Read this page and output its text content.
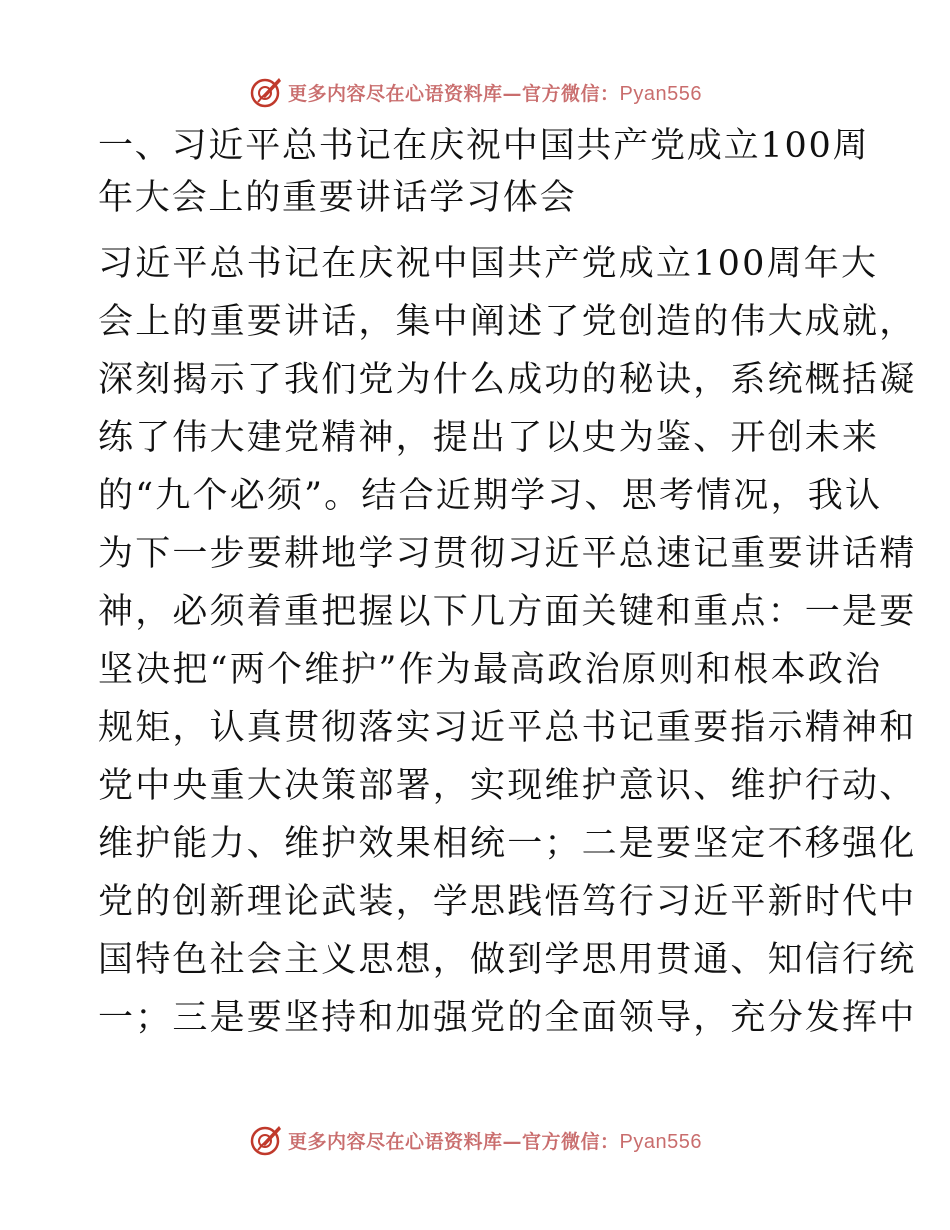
更多内容尽在心语资料库—官方微信：Pyan556
一、习近平总书记在庆祝中国共产党成立100周
年大会上的重要讲话学习体会
习近平总书记在庆祝中国共产党成立100周年大
会上的重要讲话，集中阐述了党创造的伟大成就，
深刻揭示了我们党为什么成功的秘诀，系统概括凝
练了伟大建党精神，提出了以史为鉴、开创未来
的“九个必须”。结合近期学习、思考情况，我认
为下一步要耕地学习贯彻习近平总速记重要讲话精
神，必须着重把握以下几方面关键和重点：一是要
坚决把“两个维护”作为最高政治原则和根本政治
规矩，认真贯彻落实习近平总书记重要指示精神和
党中央重大决策部署，实现维护意识、维护行动、
维护能力、维护效果相统一；二是要坚定不移强化
党的创新理论武装，学思践悟笃行习近平新时代中
国特色社会主义思想，做到学思用贯通、知信行统
一；三是要坚持和加强党的全面领导，充分发挥中
更多内容尽在心语资料库—官方微信：Pyan556
